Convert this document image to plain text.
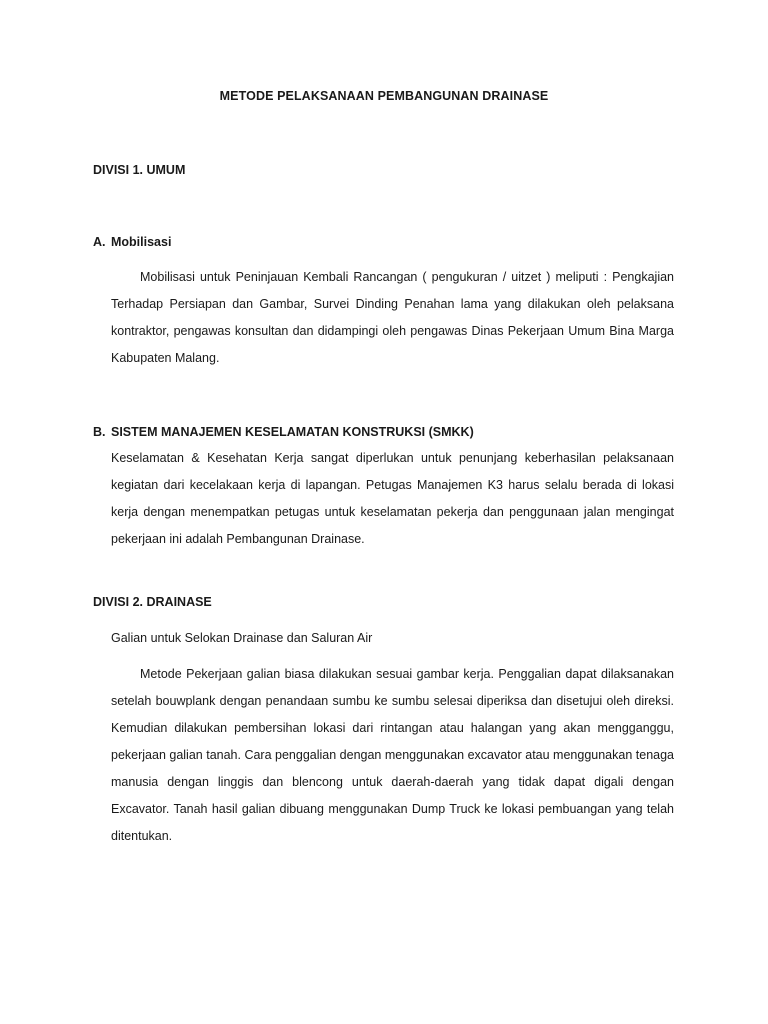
METODE PELAKSANAAN PEMBANGUNAN DRAINASE
DIVISI 1. UMUM
A. Mobilisasi
Mobilisasi untuk Peninjauan Kembali Rancangan ( pengukuran / uitzet ) meliputi : Pengkajian Terhadap Persiapan dan Gambar, Survei Dinding Penahan lama yang dilakukan oleh pelaksana kontraktor, pengawas konsultan dan didampingi oleh pengawas Dinas Pekerjaan Umum Bina Marga Kabupaten Malang.
B. SISTEM MANAJEMEN KESELAMATAN KONSTRUKSI (SMKK)
Keselamatan & Kesehatan Kerja sangat diperlukan untuk penunjang keberhasilan pelaksanaan kegiatan dari kecelakaan kerja di lapangan. Petugas Manajemen K3 harus selalu berada di lokasi kerja dengan menempatkan petugas untuk keselamatan pekerja dan penggunaan jalan mengingat pekerjaan ini adalah Pembangunan Drainase.
DIVISI 2. DRAINASE
Galian untuk Selokan Drainase dan Saluran Air
Metode Pekerjaan galian biasa dilakukan sesuai gambar kerja. Penggalian dapat dilaksanakan setelah bouwplank dengan penandaan sumbu ke sumbu selesai diperiksa dan disetujui oleh direksi. Kemudian dilakukan pembersihan lokasi dari rintangan atau halangan yang akan mengganggu, pekerjaan galian tanah. Cara penggalian dengan menggunakan excavator atau menggunakan tenaga manusia dengan linggis dan blencong untuk daerah-daerah yang tidak dapat digali dengan Excavator. Tanah hasil galian dibuang menggunakan Dump Truck ke lokasi pembuangan yang telah ditentukan.
